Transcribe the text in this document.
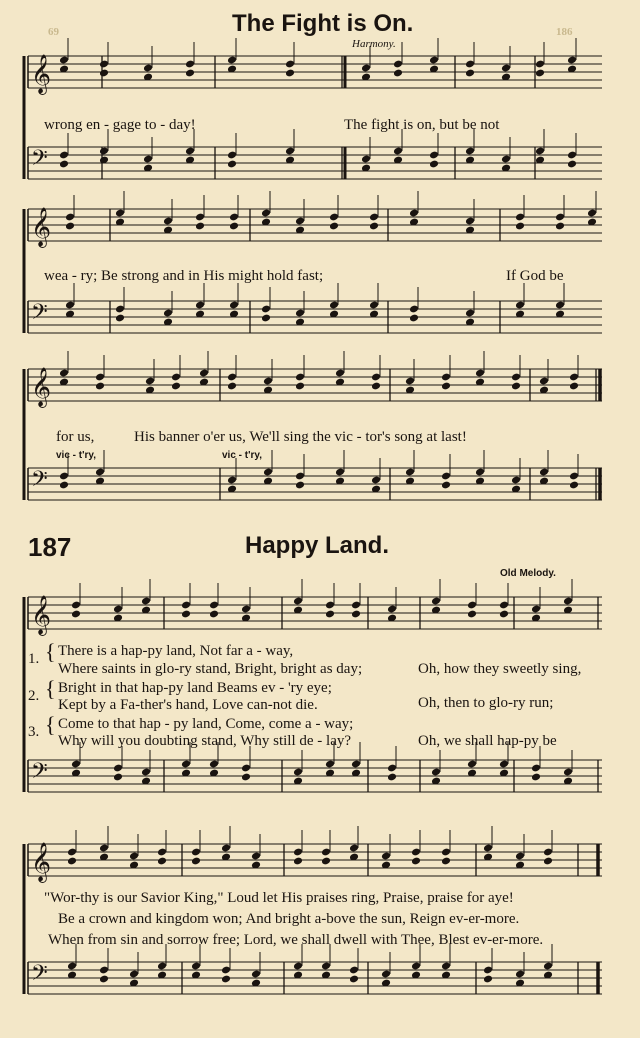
𝄞
𝄢
𝄞
𝄢
𝄞
𝄢
𝄞
𝄢
𝄞
𝄢
69	186
The Fight is On.
Harmony.
wrong en - gage to - day!	The fight is on, but be not
wea - ry; Be strong and in His might hold fast;	If God be
for us,	His banner o'er us, We'll sing the vic - tor's song at last!
vic - t'ry,	vic - t'ry,
187	Happy Land.
Old Melody.
1. { There is a hap-py land, Not far a - way,
Where saints in glo-ry stand, Bright, bright as day;	Oh, how they sweetly sing,
2. { Bright in that hap-py land Beams ev - 'ry eye;
Kept by a Fa-ther's hand, Love can-not die.	Oh, then to glo-ry run;
3. { Come to that hap - py land, Come, come a - way;
Why will you doubting stand, Why still de - lay?	Oh, we shall hap-py be
"Wor-thy is our Savior King," Loud let His praises ring, Praise, praise for aye!
Be a crown and kingdom won; And bright a-bove the sun, Reign ev-er-more.
When from sin and sorrow free; Lord, we shall dwell with Thee, Blest ev-er-more.
